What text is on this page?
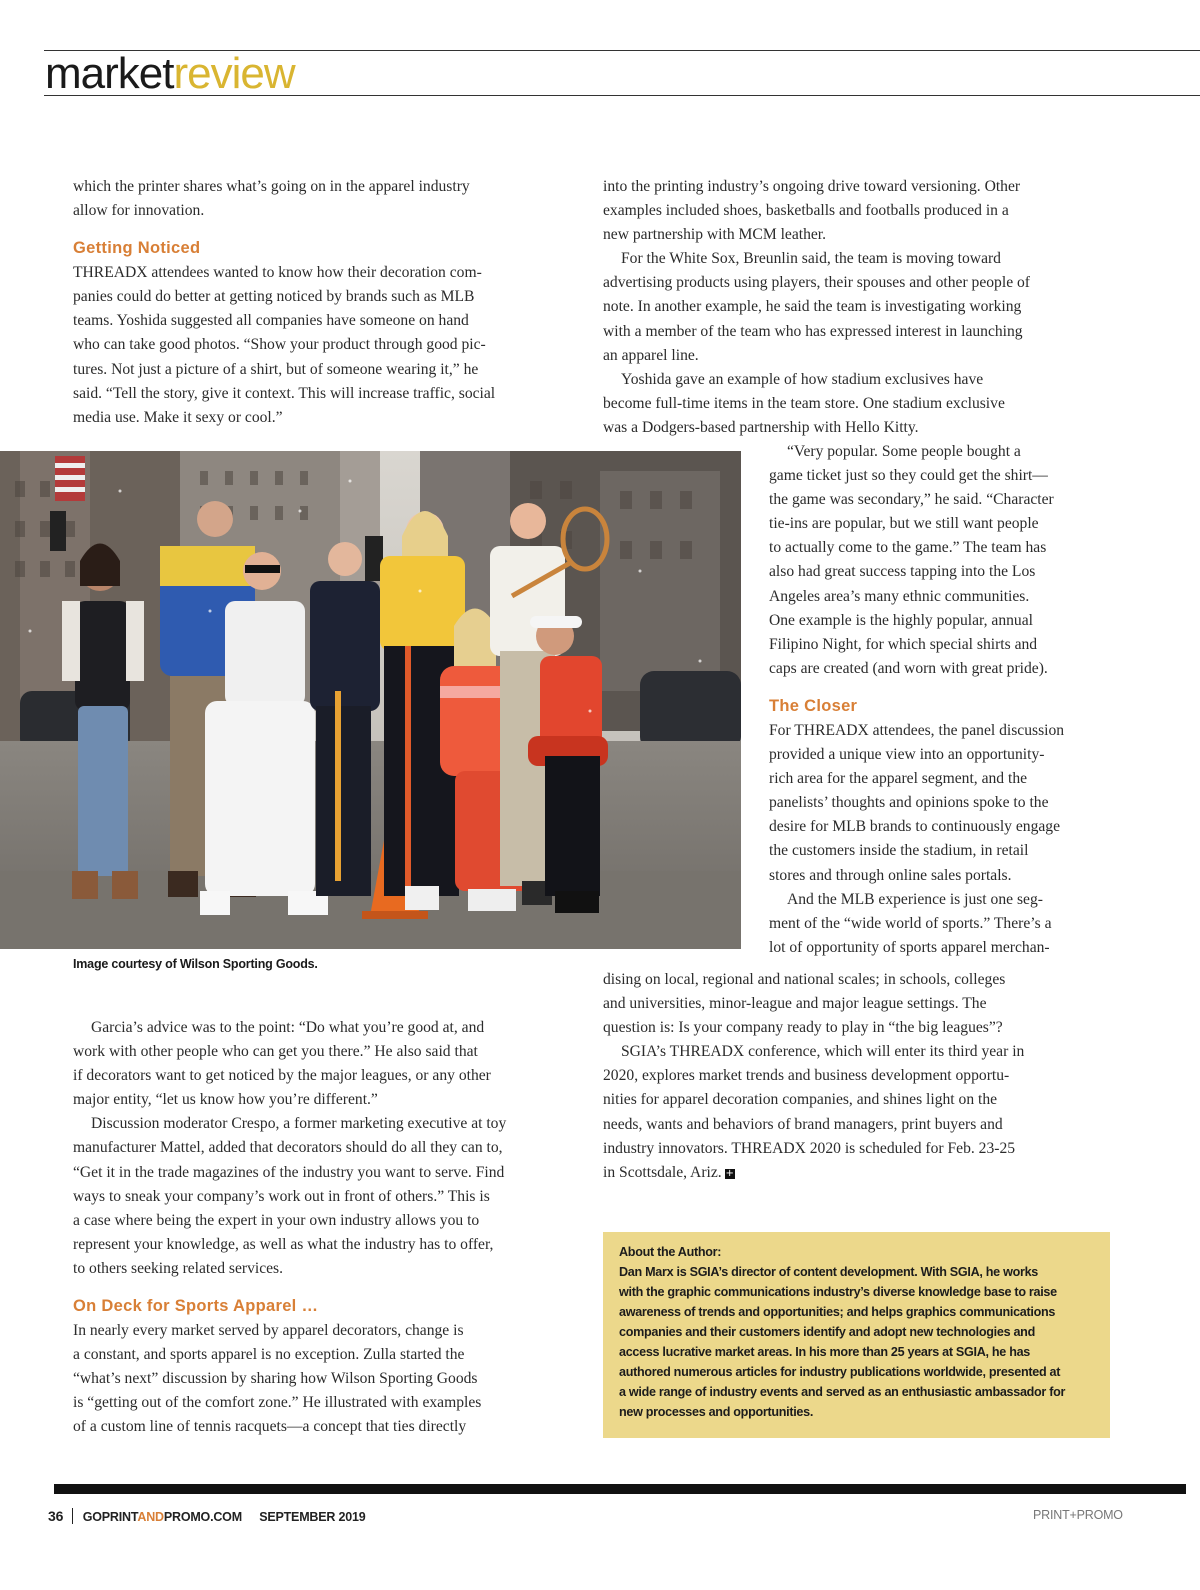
marketreview

which the printer shares what’s going on in the apparel industry
allow for innovation.

Getting Noticed

THREADX attendees wanted to know how their decoration com-
panies could do better at getting noticed by brands such as MLB
teams. Yoshida suggested all companies have someone on hand
who can take good photos. “Show your product through good pic-
tures. Not just a picture of a shirt, but of someone wearing it,” he
said. “Tell the story, give it context. This will increase traffic, social
media use. Make it sexy or cool.”

Image courtesy of Wilson Sporting Goods.

Garcia’s advice was to the point: “Do what you’re good at, and
work with other people who can get you there.” He also said that
if decorators want to get noticed by the major leagues, or any other
major entity, “let us know how you’re different.”

Discussion moderator Crespo, a former marketing executive at toy
manufacturer Mattel, added that decorators should do all they can to,
“Get it in the trade magazines of the industry you want to serve. Find
ways to sneak your company’s work out in front of others.” This is
a case where being the expert in your own industry allows you to
represent your knowledge, as well as what the industry has to offer,
to others seeking related services.

On Deck for Sports Apparel …

In nearly every market served by apparel decorators, change is
a constant, and sports apparel is no exception. Zulla started the
“what’s next” discussion by sharing how Wilson Sporting Goods
is “getting out of the comfort zone.” He illustrated with examples
of a custom line of tennis racquets—a concept that ties directly

into the printing industry’s ongoing drive toward versioning. Other
examples included shoes, basketballs and footballs produced in a
new partnership with MCM leather.

For the White Sox, Breunlin said, the team is moving toward
advertising products using players, their spouses and other people of
note. In another example, he said the team is investigating working
with a member of the team who has expressed interest in launching
an apparel line.

Yoshida gave an example of how stadium exclusives have
become full-time items in the team store. One stadium exclusive
was a Dodgers-based partnership with Hello Kitty.

“Very popular. Some people bought a
game ticket just so they could get the shirt—
the game was secondary,” he said. “Character
tie-ins are popular, but we still want people
to actually come to the game.” The team has
also had great success tapping into the Los
Angeles area’s many ethnic communities.
One example is the highly popular, annual
Filipino Night, for which special shirts and
caps are created (and worn with great pride).

The Closer

For THREADX attendees, the panel discussion
provided a unique view into an opportunity-
rich area for the apparel segment, and the
panelists’ thoughts and opinions spoke to the
desire for MLB brands to continuously engage
the customers inside the stadium, in retail
stores and through online sales portals.

And the MLB experience is just one seg-
ment of the “wide world of sports.” There’s a
lot of opportunity of sports apparel merchan-

dising on local, regional and national scales; in schools, colleges
and universities, minor-league and major league settings. The
question is: Is your company ready to play in “the big leagues”?

SGIA’s THREADX conference, which will enter its third year in
2020, explores market trends and business development opportu-
nities for apparel decoration companies, and shines light on the
needs, wants and behaviors of brand managers, print buyers and
industry innovators. THREADX 2020 is scheduled for Feb. 23-25
in Scottsdale, Ariz. +

About the Author:
Dan Marx is SGIA’s director of content development. With SGIA, he works
with the graphic communications industry’s diverse knowledge base to raise
awareness of trends and opportunities; and helps graphics communications
companies and their customers identify and adopt new technologies and
access lucrative market areas. In his more than 25 years at SGIA, he has
authored numerous articles for industry publications worldwide, presented at
a wide range of industry events and served as an enthusiastic ambassador for
new processes and opportunities.
36 GOPRINTANDPROMO.COM SEPTEMBER 2019	PRINT+PROMO
